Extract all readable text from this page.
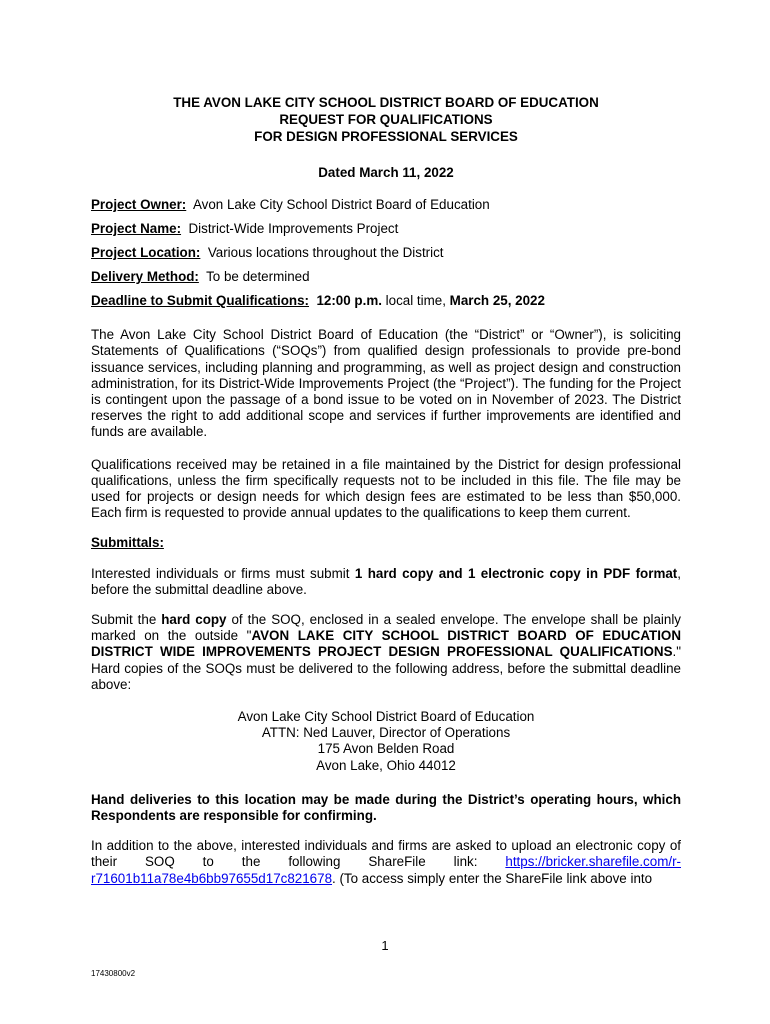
THE AVON LAKE CITY SCHOOL DISTRICT BOARD OF EDUCATION
REQUEST FOR QUALIFICATIONS
FOR DESIGN PROFESSIONAL SERVICES
Dated March 11, 2022
Project Owner: Avon Lake City School District Board of Education
Project Name: District-Wide Improvements Project
Project Location: Various locations throughout the District
Delivery Method: To be determined
Deadline to Submit Qualifications: 12:00 p.m. local time, March 25, 2022

The Avon Lake City School District Board of Education (the “District” or “Owner”), is soliciting Statements of Qualifications (“SOQs”) from qualified design professionals to provide pre-bond issuance services, including planning and programming, as well as project design and construction administration, for its District-Wide Improvements Project (the “Project”). The funding for the Project is contingent upon the passage of a bond issue to be voted on in November of 2023. The District reserves the right to add additional scope and services if further improvements are identified and funds are available.

Qualifications received may be retained in a file maintained by the District for design professional qualifications, unless the firm specifically requests not to be included in this file. The file may be used for projects or design needs for which design fees are estimated to be less than $50,000. Each firm is requested to provide annual updates to the qualifications to keep them current.

Submittals:

Interested individuals or firms must submit 1 hard copy and 1 electronic copy in PDF format, before the submittal deadline above.

Submit the hard copy of the SOQ, enclosed in a sealed envelope. The envelope shall be plainly marked on the outside "AVON LAKE CITY SCHOOL DISTRICT BOARD OF EDUCATION DISTRICT WIDE IMPROVEMENTS PROJECT DESIGN PROFESSIONAL QUALIFICATIONS." Hard copies of the SOQs must be delivered to the following address, before the submittal deadline above:

Avon Lake City School District Board of Education
ATTN: Ned Lauver, Director of Operations
175 Avon Belden Road
Avon Lake, Ohio 44012

Hand deliveries to this location may be made during the District’s operating hours, which Respondents are responsible for confirming.

In addition to the above, interested individuals and firms are asked to upload an electronic copy of their SOQ to the following ShareFile link: https://bricker.sharefile.com/r-r71601b11a78e4b6bb97655d17c821678. (To access simply enter the ShareFile link above into

1
17430800v2
